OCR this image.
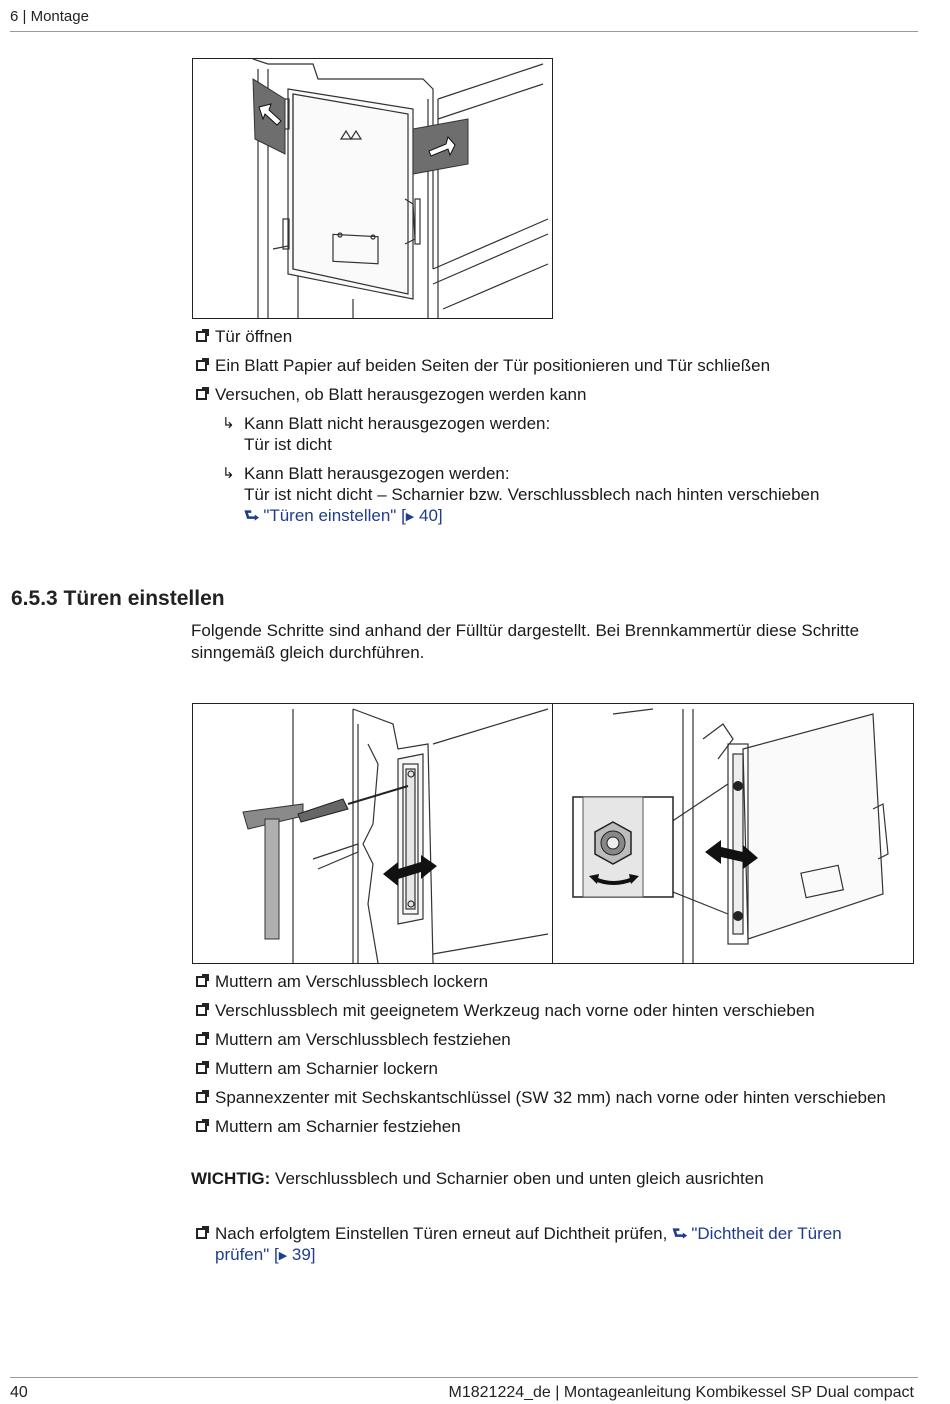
6 | Montage
Tür öffnen
Ein Blatt Papier auf beiden Seiten der Tür positionieren und Tür schließen
Versuchen, ob Blatt herausgezogen werden kann
↳ Kann Blatt nicht herausgezogen werden:
Tür ist dicht
↳ Kann Blatt herausgezogen werden:
Tür ist nicht dicht – Scharnier bzw. Verschlussblech nach hinten verschieben
⮑ "Türen einstellen" [▶ 40]
6.5.3 Türen einstellen
Folgende Schritte sind anhand der Fülltür dargestellt. Bei Brennkammertür diese Schritte sinngemäß gleich durchführen.
Muttern am Verschlussblech lockern
Verschlussblech mit geeignetem Werkzeug nach vorne oder hinten verschieben
Muttern am Verschlussblech festziehen
Muttern am Scharnier lockern
Spannexzenter mit Sechskantschlüssel (SW 32 mm) nach vorne oder hinten verschieben
Muttern am Scharnier festziehen
WICHTIG: Verschlussblech und Scharnier oben und unten gleich ausrichten
Nach erfolgtem Einstellen Türen erneut auf Dichtheit prüfen, ⮑ "Dichtheit der Türen prüfen" [▶ 39]
40	M1821224_de | Montageanleitung Kombikessel SP Dual compact
